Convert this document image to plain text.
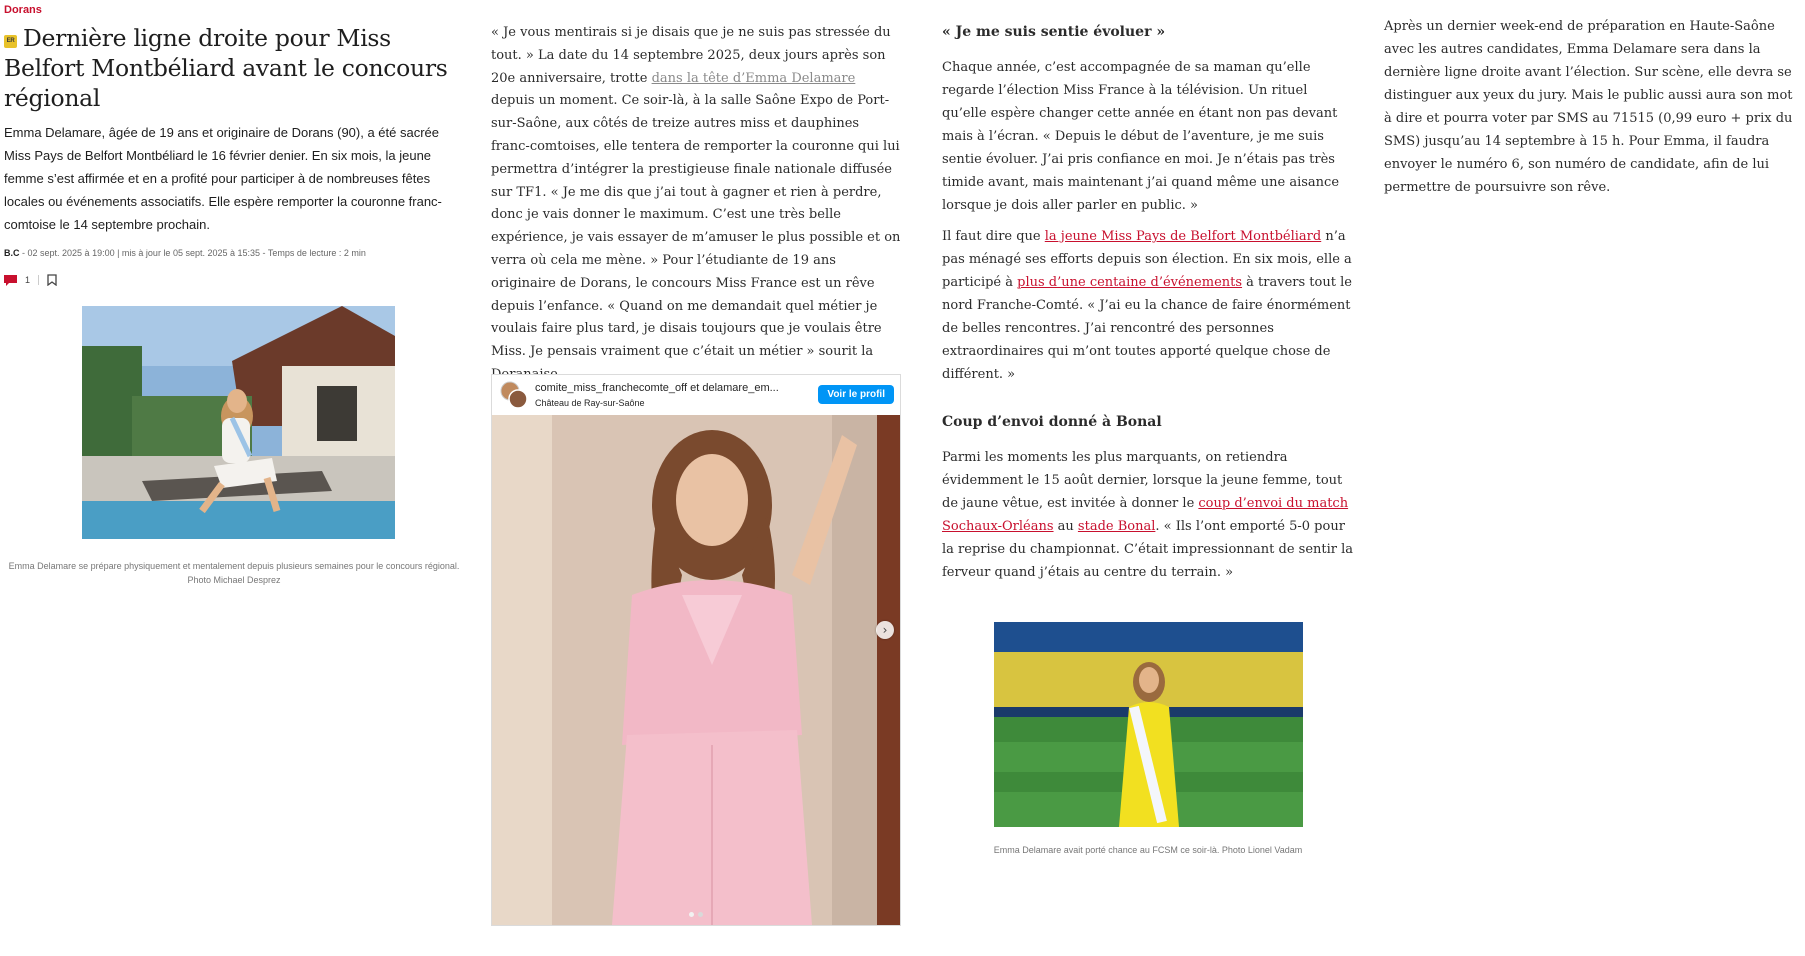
Dorans
ER Dernière ligne droite pour Miss Belfort Montbéliard avant le concours régional
Emma Delamare, âgée de 19 ans et originaire de Dorans (90), a été sacrée Miss Pays de Belfort Montbéliard le 16 février denier. En six mois, la jeune femme s’est affirmée et en a profité pour participer à de nombreuses fêtes locales ou événements associatifs. Elle espère remporter la couronne franc-comtoise le 14 septembre prochain.
B.C - 02 sept. 2025 à 19:00 | mis à jour le 05 sept. 2025 à 15:35 - Temps de lecture : 2 min
1
Emma Delamare se prépare physiquement et mentalement depuis plusieurs semaines pour le concours régional. Photo Michael Desprez

« Je vous mentirais si je disais que je ne suis pas stressée du tout. » La date du 14 septembre 2025, deux jours après son 20e anniversaire, trotte dans la tête d’Emma Delamare depuis un moment. Ce soir-là, à la salle Saône Expo de Port-sur-Saône, aux côtés de treize autres miss et dauphines franc-comtoises, elle tentera de remporter la couronne qui lui permettra d’intégrer la prestigieuse finale nationale diffusée sur TF1. « Je me dis que j’ai tout à gagner et rien à perdre, donc je vais donner le maximum. C’est une très belle expérience, je vais essayer de m’amuser le plus possible et on verra où cela me mène. » Pour l’étudiante de 19 ans originaire de Dorans, le concours Miss France est un rêve depuis l’enfance. « Quand on me demandait quel métier je voulais faire plus tard, je disais toujours que je voulais être Miss. Je pensais vraiment que c’était un métier » sourit la

comite_miss_franchecomte_off et delamare_em...
Château de Ray-sur-Saône
Voir le profil
›
« Je me suis sentie évoluer »

Chaque année, c’est accompagnée de sa maman qu’elle regarde l’élection Miss France à la télévision. Un rituel qu’elle espère changer cette année en étant non pas devant mais à l’écran. « Depuis le début de l’aventure, je me suis sentie évoluer. J’ai pris confiance en moi. Je n’étais pas très timide avant, mais maintenant j’ai quand même une aisance lorsque je dois aller parler en public. »

Il faut dire que la jeune Miss Pays de Belfort Montbéliard n’a pas ménagé ses efforts depuis son élection. En six mois, elle a participé à plus d’une centaine d’événements à travers tout le nord Franche-Comté. « J’ai eu la chance de faire énormément de belles rencontres. J’ai rencontré des personnes extraordinaires qui m’ont toutes apporté quelque chose de différent. »

Coup d’envoi donné à Bonal

Parmi les moments les plus marquants, on retiendra évidemment le 15 août dernier, lorsque la jeune femme, tout de jaune vêtue, est invitée à donner le coup d’envoi du match Sochaux-Orléans au stade Bonal. « Ils l’ont emporté 5-0 pour la reprise du championnat. C’était impressionnant de sentir la ferveur quand j’étais au centre du terrain. »

Emma Delamare avait porté chance au FCSM ce soir-là. Photo Lionel Vadam

Après un dernier week-end de préparation en Haute-Saône avec les autres candidates, Emma Delamare sera dans la dernière ligne droite avant l’élection. Sur scène, elle devra se distinguer aux yeux du jury. Mais le public aussi aura son mot à dire et pourra voter par SMS au 71515 (0,99 euro + prix du SMS) jusqu’au 14 septembre à 15 h. Pour Emma, il faudra envoyer le numéro 6, son numéro de candidate, afin de lui permettre de poursuivre son rêve.
